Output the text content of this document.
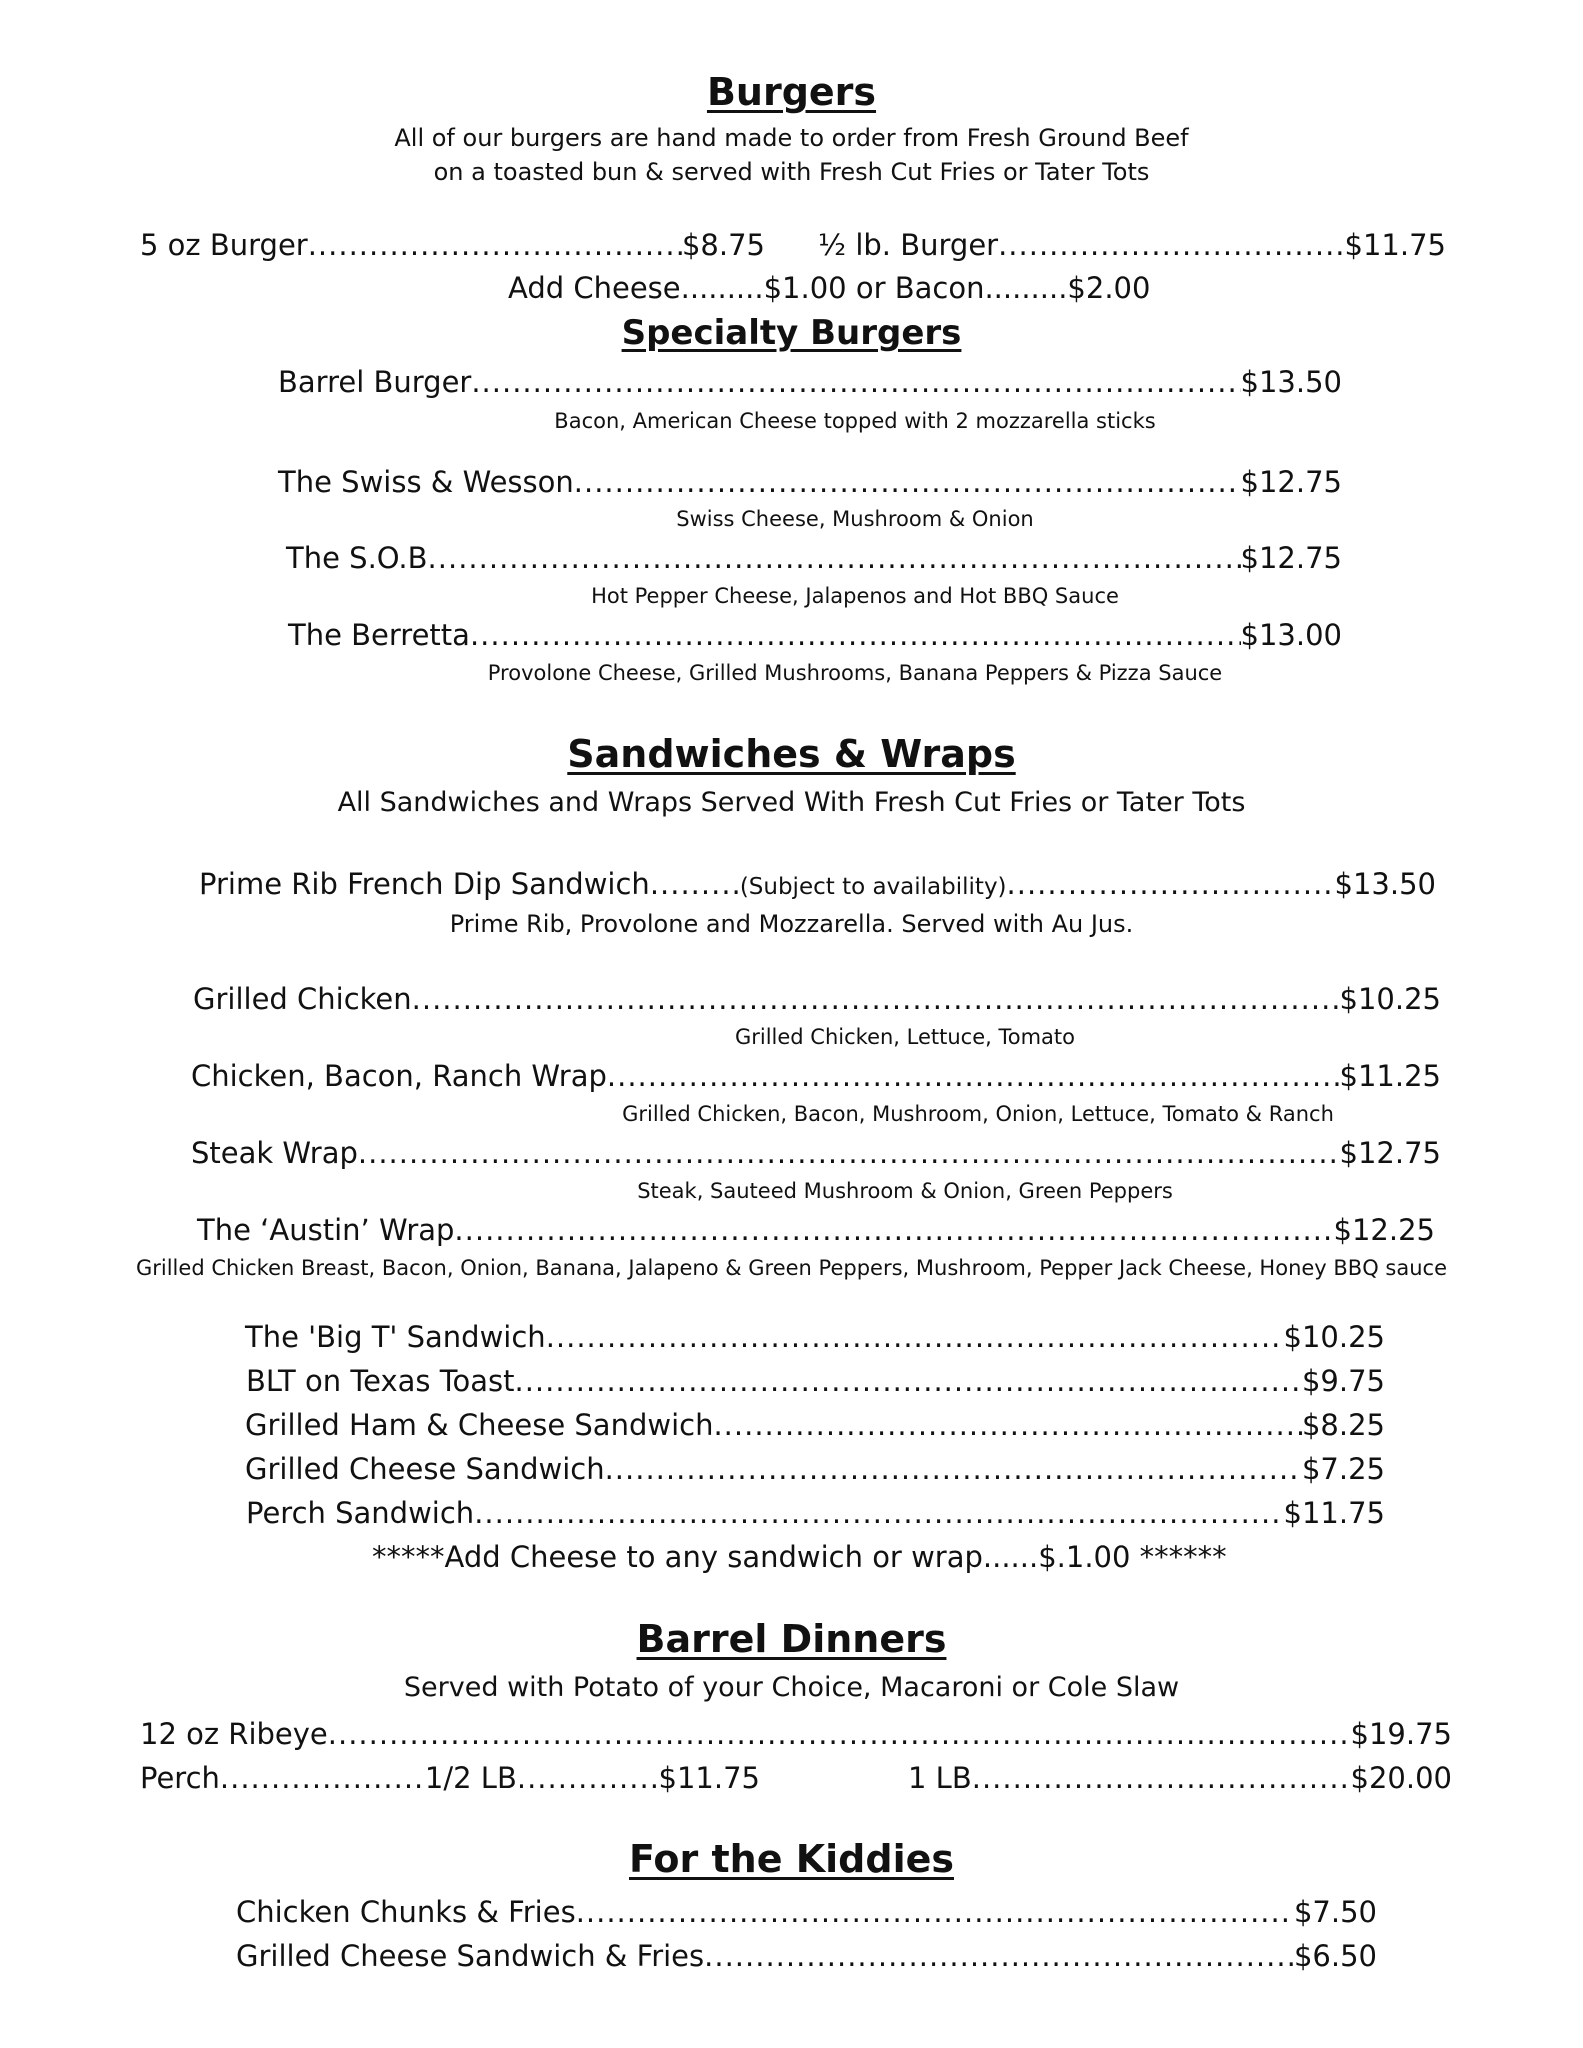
Burgers
All of our burgers are hand made to order from Fresh Ground Beef
on a toasted bun & served with Fresh Cut Fries or Tater Tots
5 oz Burger .....	$8.75 ½ lb. Burger .....	$11.75
Add Cheese.........$1.00 or Bacon.........$2.00
Specialty Burgers
Barrel Burger .....	$13.50
Bacon, American Cheese topped with 2 mozzarella sticks
The Swiss & Wesson .....	$12.75
Swiss Cheese, Mushroom & Onion
The S.O.B .....	$12.75
Hot Pepper Cheese, Jalapenos and Hot BBQ Sauce
The Berretta .....	$13.00
Provolone Cheese, Grilled Mushrooms, Banana Peppers & Pizza Sauce
Sandwiches & Wraps
All Sandwiches and Wraps Served With Fresh Cut Fries or Tater Tots
Prime Rib French Dip Sandwich .....	(Subject to availability) .....	$13.50
Prime Rib, Provolone and Mozzarella. Served with Au Jus.
Grilled Chicken .....	$10.25
Grilled Chicken, Lettuce, Tomato
Chicken, Bacon, Ranch Wrap .....	$11.25
Grilled Chicken, Bacon, Mushroom, Onion, Lettuce, Tomato & Ranch
Steak Wrap .....	$12.75
Steak, Sauteed Mushroom & Onion, Green Peppers
The ‘Austin’ Wrap .....	$12.25
Grilled Chicken Breast, Bacon, Onion, Banana, Jalapeno & Green Peppers, Mushroom, Pepper Jack Cheese, Honey BBQ sauce
The 'Big T' Sandwich .....	$10.25
BLT on Texas Toast .....	$9.75
Grilled Ham & Cheese Sandwich .....	$8.25
Grilled Cheese Sandwich .....	$7.25
Perch Sandwich .....	$11.75
*****Add Cheese to any sandwich or wrap......$.1.00 ******
Barrel Dinners
Served with Potato of your Choice, Macaroni or Cole Slaw
12 oz Ribeye .....	$19.75
Perch .....	1/2 LB .....	$11.75	1 LB .....	$20.00
For the Kiddies
Chicken Chunks & Fries .....	$7.50
Grilled Cheese Sandwich & Fries .....	$6.50
